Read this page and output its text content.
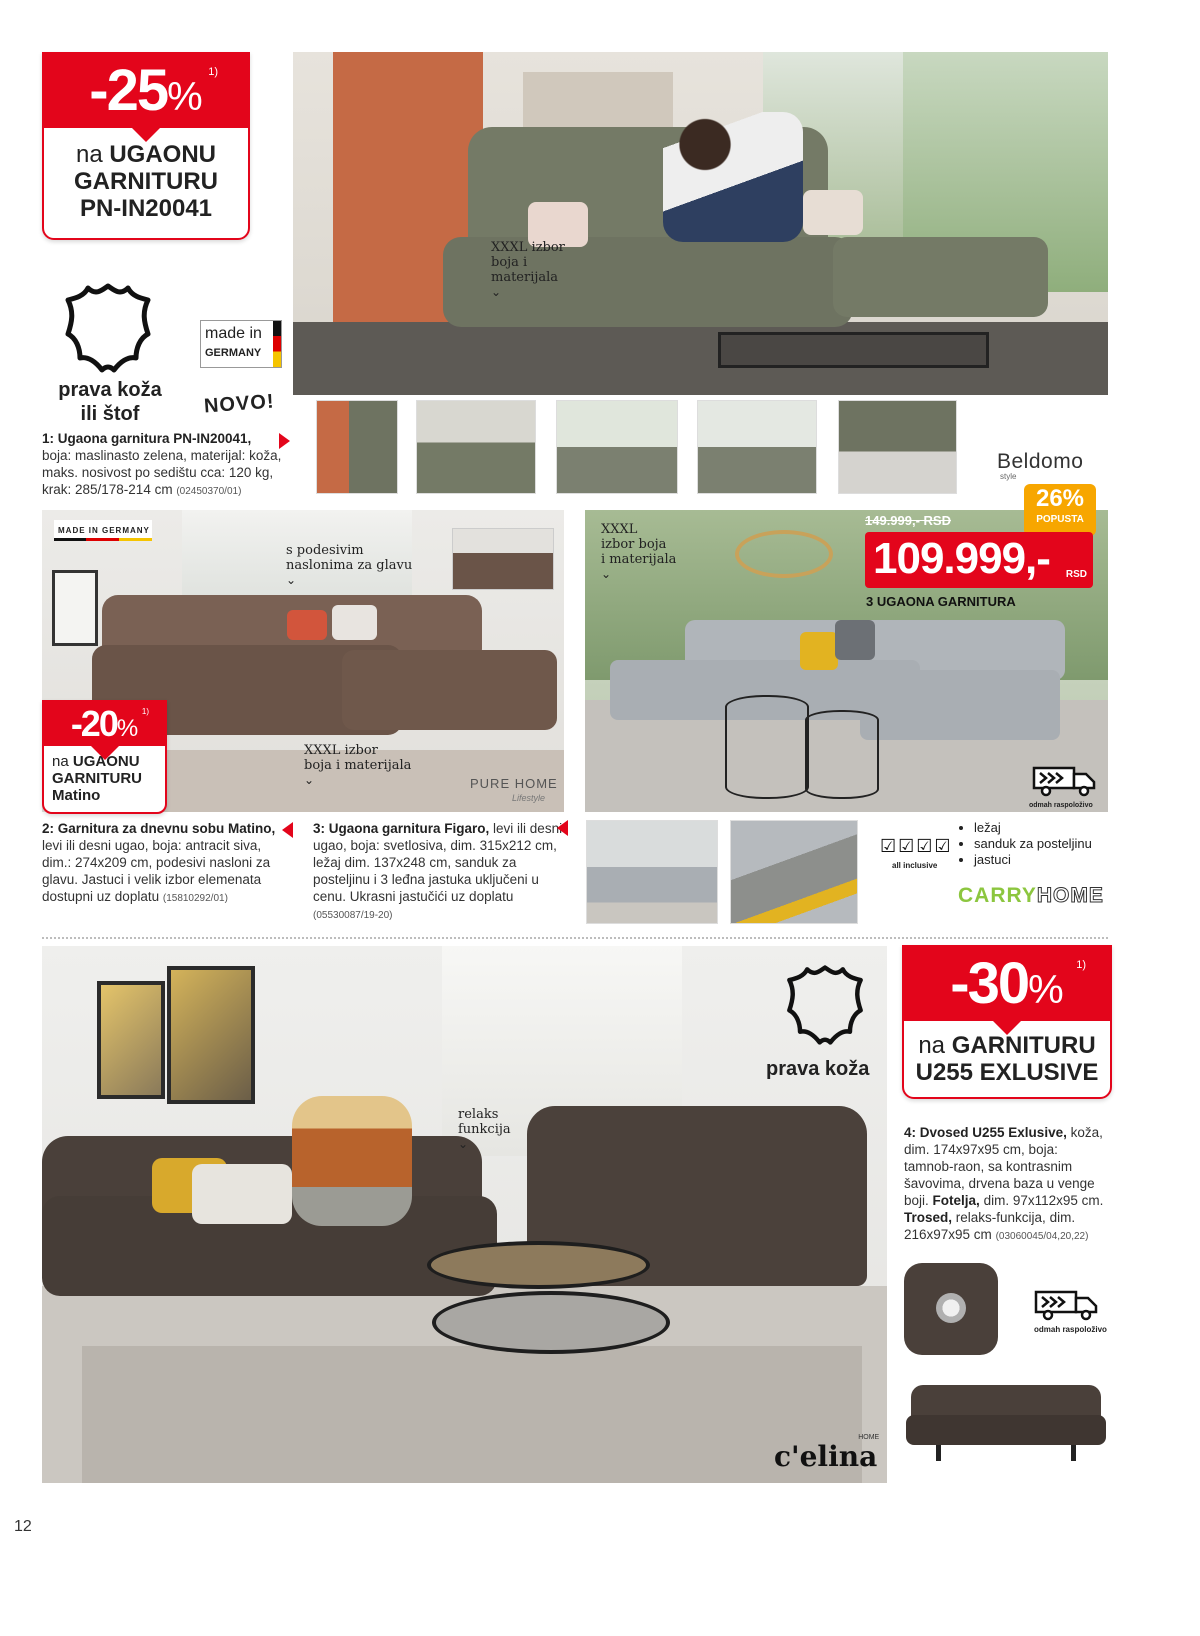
-25%
1)
na UGAONU
GARNITURU
PN-IN20041
prava koža
ili štof
made in
GERMANY
NOVO!
1: Ugaona garnitura PN-IN20041, boja: maslinasto zelena, materijal: koža, maks. nosivost po sedištu cca: 120 kg, krak: 285/178-214 cm (02450370/01)
XXXL izbor
boja i
materijala
⌄
Beldomo
style
MADE IN GERMANY
s podesivim
naslonima za glavu
⌄
XXXL izbor
boja i materijala
⌄	PURE HOME
Lifestyle
-20%
1)
na UGAONU
GARNITURU
Matino
2: Garnitura za dnevnu sobu Matino, levi ili desni ugao, boja: antracit siva, dim.: 274x209 cm, podesivi nasloni za glavu. Jastuci i velik izbor elemenata dostupni uz doplatu (15810292/01)
XXXL
izbor boja
i materijala
⌄
odmah raspoloživo
149.999,- RSD
26%
POPUSTA
109.999,- RSD
3 UGAONA GARNITURA
3: Ugaona garnitura Figaro, levi ili desni ugao, boja: svetlosiva, dim. 315x212 cm, ležaj dim. 137x248 cm, sanduk za posteljinu i 3 leđna jastuka uključeni u cenu. Ukrasni jastučići uz doplatu (05530087/19-20)
☑☑☑☑
all inclusive
• ležaj
• sanduk za posteljinu
• jastuci
CARRYHOME
relaks
funkcija
⌄
prava koža
c'elina
HOME
-30%
1)
na GARNITURU
U255 EXLUSIVE
4: Dvosed U255 Exlusive, koža, dim. 174x97x95 cm, boja: tamnob-raon, sa kontrasnim šavovima, drvena baza u venge boji. Fotelja, dim. 97x112x95 cm. Trosed, relaks-funkcija, dim. 216x97x95 cm (03060045/04,20,22)
odmah raspoloživo
12
